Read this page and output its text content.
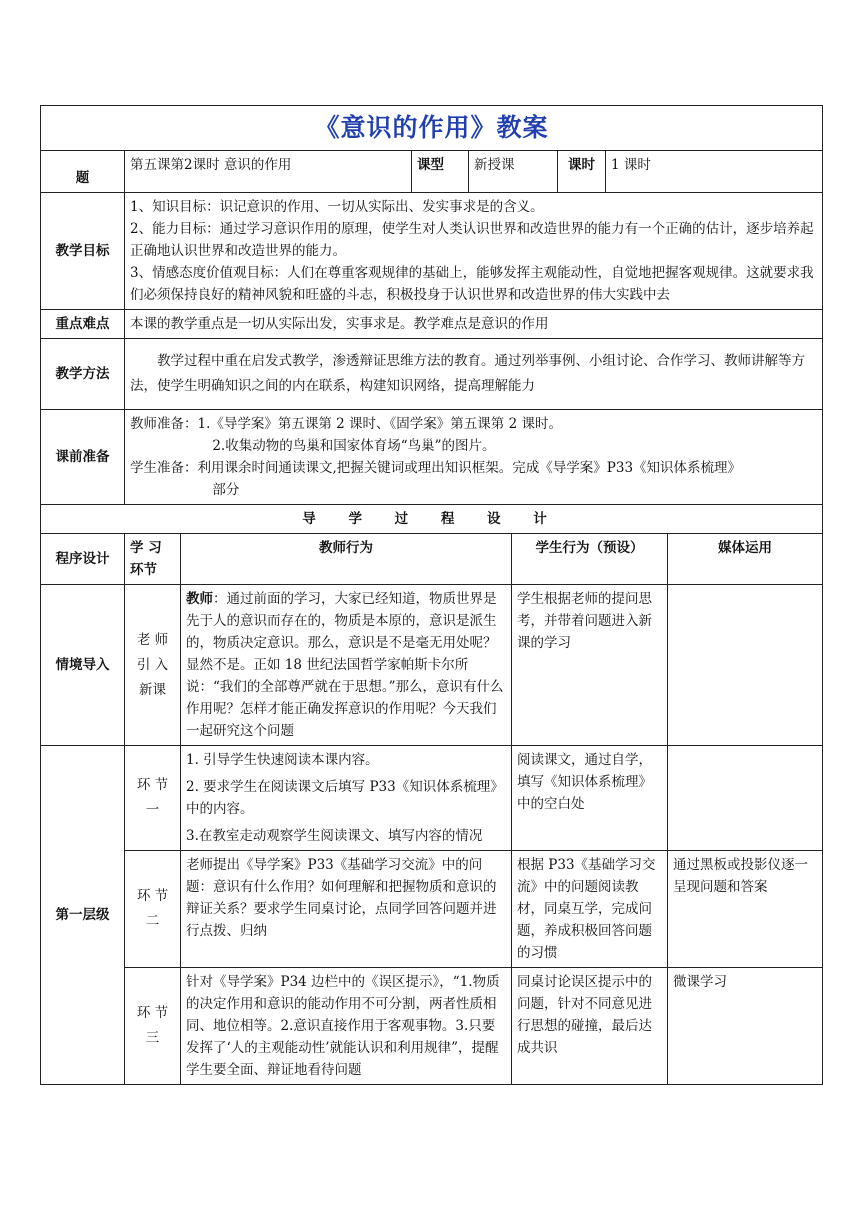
《意识的作用》教案								
题	第五课第2课时 意识的作用		课型	新授课		课时	1 课时	
教学目标	1、知识目标：识记意识的作用、一切从实际出、发实事求是的含义。

2、能力目标：通过学习意识作用的原理，使学生对人类认识世界和改造世界的能力有一个正确的估计，逐步培养起正确地认识世界和改造世界的能力。

3、情感态度价值观目标：人们在尊重客观规律的基础上，能够发挥主观能动性，自觉地把握客观规律。这就要求我们必须保持良好的精神风貌和旺盛的斗志，积极投身于认识世界和改造世界的伟大实践中去							

重点难点	本课的教学重点是一切从实际出发，实事求是。教学难点是意识的作用							
教学方法	教学过程中重在启发式教学，渗透辩证思维方法的教育。通过列举事例、小组讨论、合作学习、教师讲解等方法，使学生明确知识之间的内在联系，构建知识网络，提高理解能力							

课前准备	教师准备：1.《导学案》第五课第 2 课时、《固学案》第五课第 2 课时。

2.收集动物的鸟巢和国家体育场“鸟巢”的图片。

学生准备：利用课余时间通读课文,把握关键词或理出知识框架。完成《导学案》P33《知识体系梳理》

部分							

导 学 过 程 设 计								
程序设计	学 习 环节	教师行为			学生行为（预设）			媒体运用
情境导入	老 师 引 入 新课	教师：通过前面的学习，大家已经知道，物质世界是先于人的意识而存在的，物质是本原的，意识是派生的，物质决定意识。那么，意识是不是毫无用处呢？显然不是。正如 18 世纪法国哲学家帕斯卡尔所说：“我们的全部尊严就在于思想。”那么，意识有什么作用呢？怎样才能正确发挥意识的作用呢？今天我们一起研究这个问题			学生根据老师的提问思考，并带着问题进入新课的学习			
第一层级	环 节 一	1. 引导学生快速阅读本课内容。

2. 要求学生在阅读课文后填写 P33《知识体系梳理》中的内容。

3.在教室走动观察学生阅读课文、填写内容的情况			阅读课文，通过自学，填写《知识体系梳理》中的空白处			
	环 节 二	老师提出《导学案》P33《基础学习交流》中的问题：意识有什么作用？如何理解和把握物质和意识的辩证关系？要求学生同桌讨论，点同学回答问题并进行点拨、归纳			根据 P33《基础学习交流》中的问题阅读教材，同桌互学，完成问题，养成积极回答问题的习惯			通过黑板或投影仪逐一呈现问题和答案
	环 节 三	针对《导学案》P34 边栏中的《误区提示》，“1.物质的决定作用和意识的能动作用不可分割，两者性质相同、地位相等。2.意识直接作用于客观事物。3.只要发挥了‘人的主观能动性’就能认识和利用规律”，提醒学生要全面、辩证地看待问题			同桌讨论误区提示中的问题，针对不同意见进行思想的碰撞，最后达成共识			微课学习
